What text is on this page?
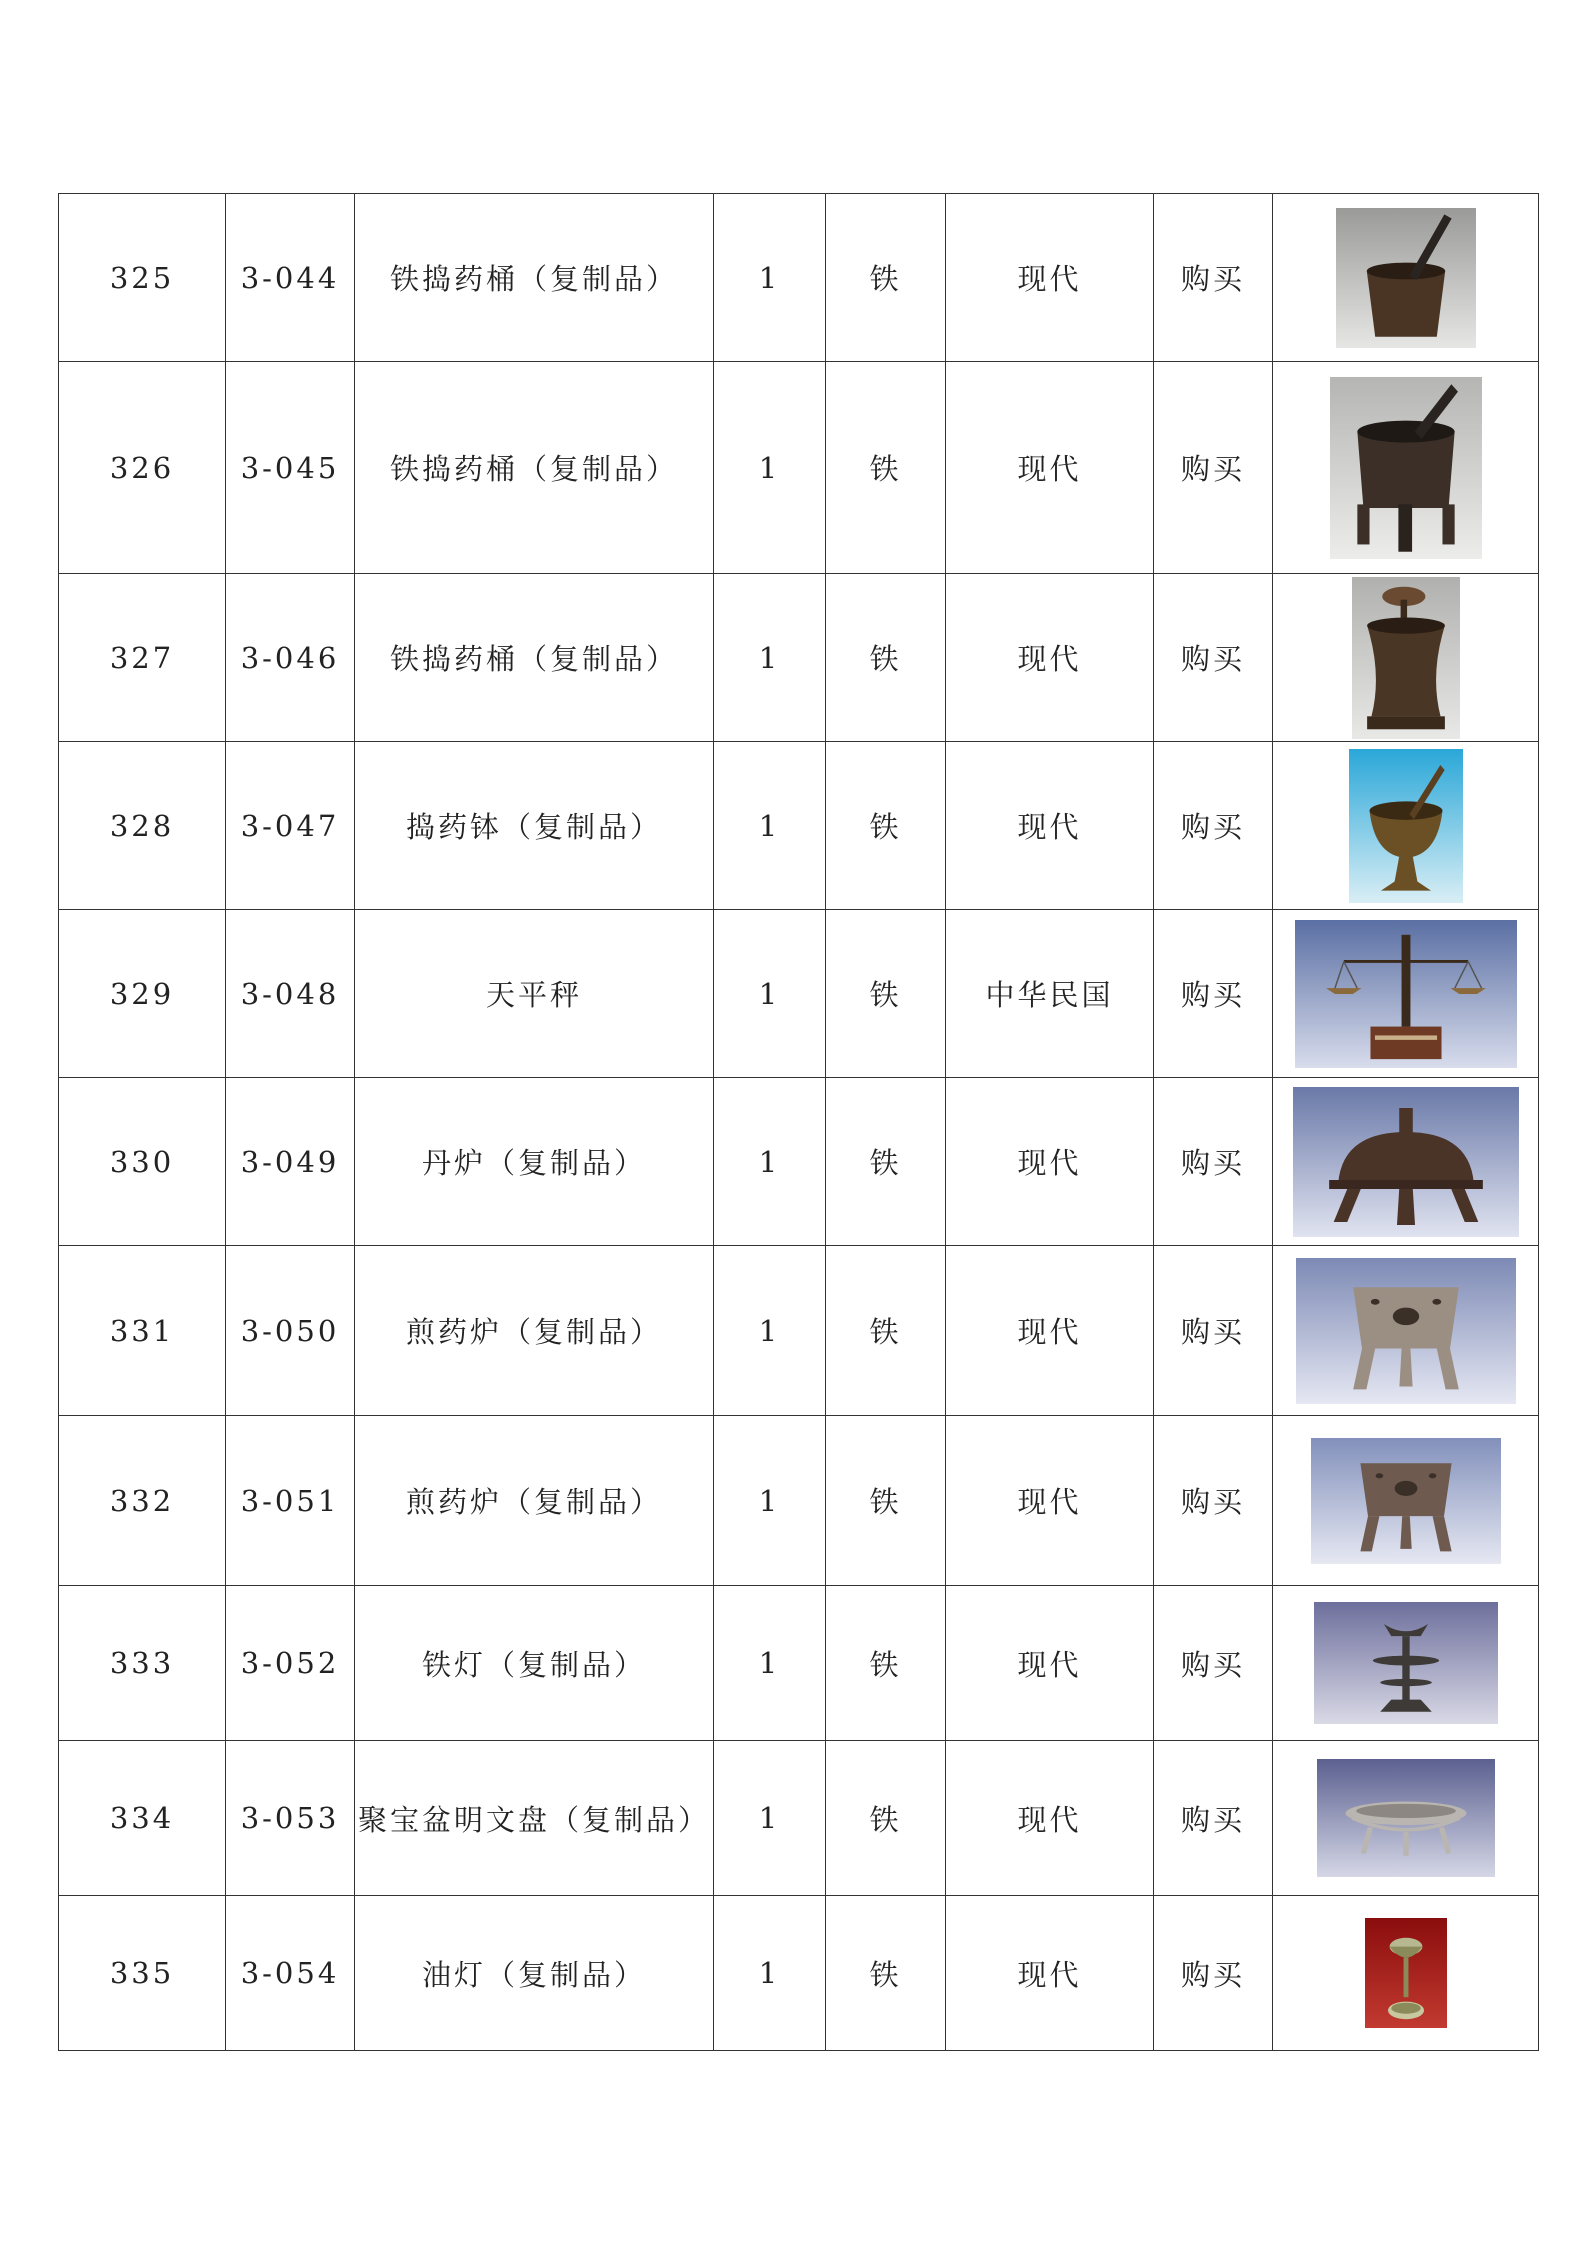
325	3-044	铁捣药桶（复制品）	1	铁	现代	购买	

326	3-045	铁捣药桶（复制品）	1	铁	现代	购买	

327	3-046	铁捣药桶（复制品）	1	铁	现代	购买	

328	3-047	捣药钵（复制品）	1	铁	现代	购买	

329	3-048	天平秤	1	铁	中华民国	购买	

330	3-049	丹炉（复制品）	1	铁	现代	购买	

331	3-050	煎药炉（复制品）	1	铁	现代	购买	

332	3-051	煎药炉（复制品）	1	铁	现代	购买	

333	3-052	铁灯（复制品）	1	铁	现代	购买	

334	3-053	聚宝盆明文盘（复制品）	1	铁	现代	购买	

335	3-054	油灯（复制品）	1	铁	现代	购买	
